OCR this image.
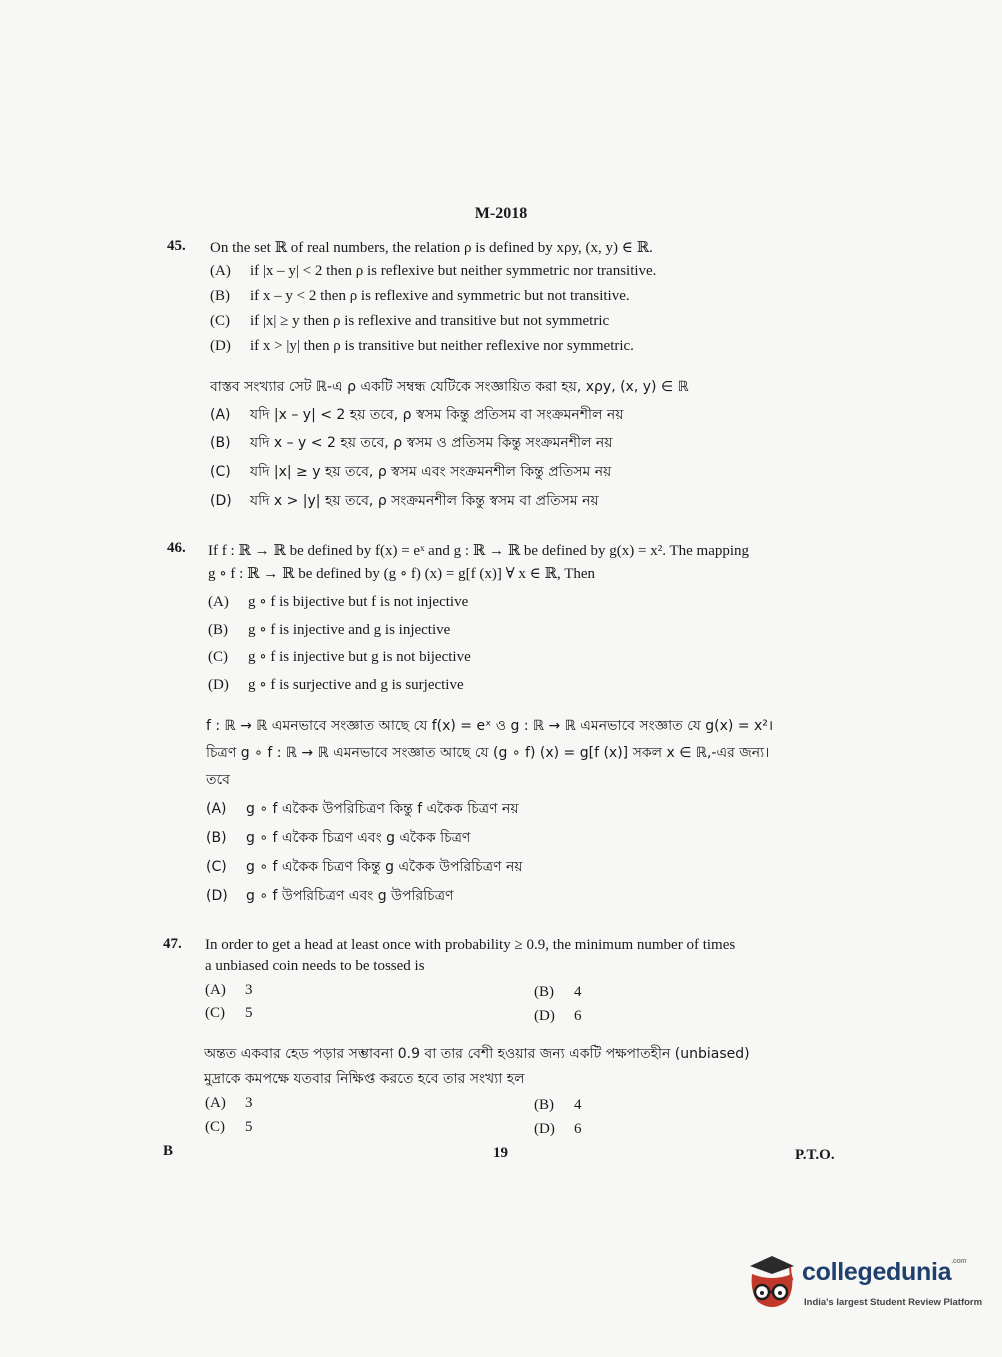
M-2018
45. On the set ℝ of real numbers, the relation ρ is defined by xρy, (x, y) ∈ ℝ.
(A) if |x – y| < 2 then ρ is reflexive but neither symmetric nor transitive.
(B) if x – y < 2 then ρ is reflexive and symmetric but not transitive.
(C) if |x| ≥ y then ρ is reflexive and transitive but not symmetric
(D) if x > |y| then ρ is transitive but neither reflexive nor symmetric.
বাস্তব সংখ্যার সেট ℝ-এ ρ একটি সম্বন্ধ যেটিকে সংজ্ঞায়িত করা হয়, xρy, (x, y) ∈ ℝ
(A) যদি |x – y| < 2 হয় তবে, ρ স্বসম কিন্তু প্রতিসম বা সংক্রমনশীল নয়
(B) যদি x – y < 2 হয় তবে, ρ স্বসম ও প্রতিসম কিন্তু সংক্রমনশীল নয়
(C) যদি |x| ≥ y হয় তবে, ρ স্বসম এবং সংক্রমনশীল কিন্তু প্রতিসম নয়
(D) যদি x > |y| হয় তবে, ρ সংক্রমনশীল কিন্তু স্বসম বা প্রতিসম নয়
46. If f : ℝ → ℝ be defined by f(x) = eˣ and g : ℝ → ℝ be defined by g(x) = x². The mapping
g ∘ f : ℝ → ℝ be defined by (g ∘ f) (x) = g[f (x)] ∀ x ∈ ℝ, Then
(A) g ∘ f is bijective but f is not injective
(B) g ∘ f is injective and g is injective
(C) g ∘ f is injective but g is not bijective
(D) g ∘ f is surjective and g is surjective
f : ℝ → ℝ এমনভাবে সংজ্ঞাত আছে যে f(x) = eˣ ও g : ℝ → ℝ এমনভাবে সংজ্ঞাত যে g(x) = x²।
চিত্রণ g ∘ f : ℝ → ℝ এমনভাবে সংজ্ঞাত আছে যে (g ∘ f) (x) = g[f (x)] সকল x ∈ ℝ,-এর জন্য।
তবে
(A) g ∘ f একৈক উপরিচিত্রণ কিন্তু f একৈক চিত্রণ নয়
(B) g ∘ f একৈক চিত্রণ এবং g একৈক চিত্রণ
(C) g ∘ f একৈক চিত্রণ কিন্তু g একৈক উপরিচিত্রণ নয়
(D) g ∘ f উপরিচিত্রণ এবং g উপরিচিত্রণ
47. In order to get a head at least once with probability ≥ 0.9, the minimum number of times
a unbiased coin needs to be tossed is
(A) 3	(B) 4
(C) 5	(D) 6
অন্তত একবার হেড পড়ার সম্ভাবনা 0.9 বা তার বেশী হওয়ার জন্য একটি পক্ষপাতহীন (unbiased)
মুদ্রাকে কমপক্ষে যতবার নিক্ষিপ্ত করতে হবে তার সংখ্যা হল
(A) 3	(B) 4
(C) 5	(D) 6
B	19	P.T.O.
collegedunia$^{.com}$
India's largest Student Review Platform
